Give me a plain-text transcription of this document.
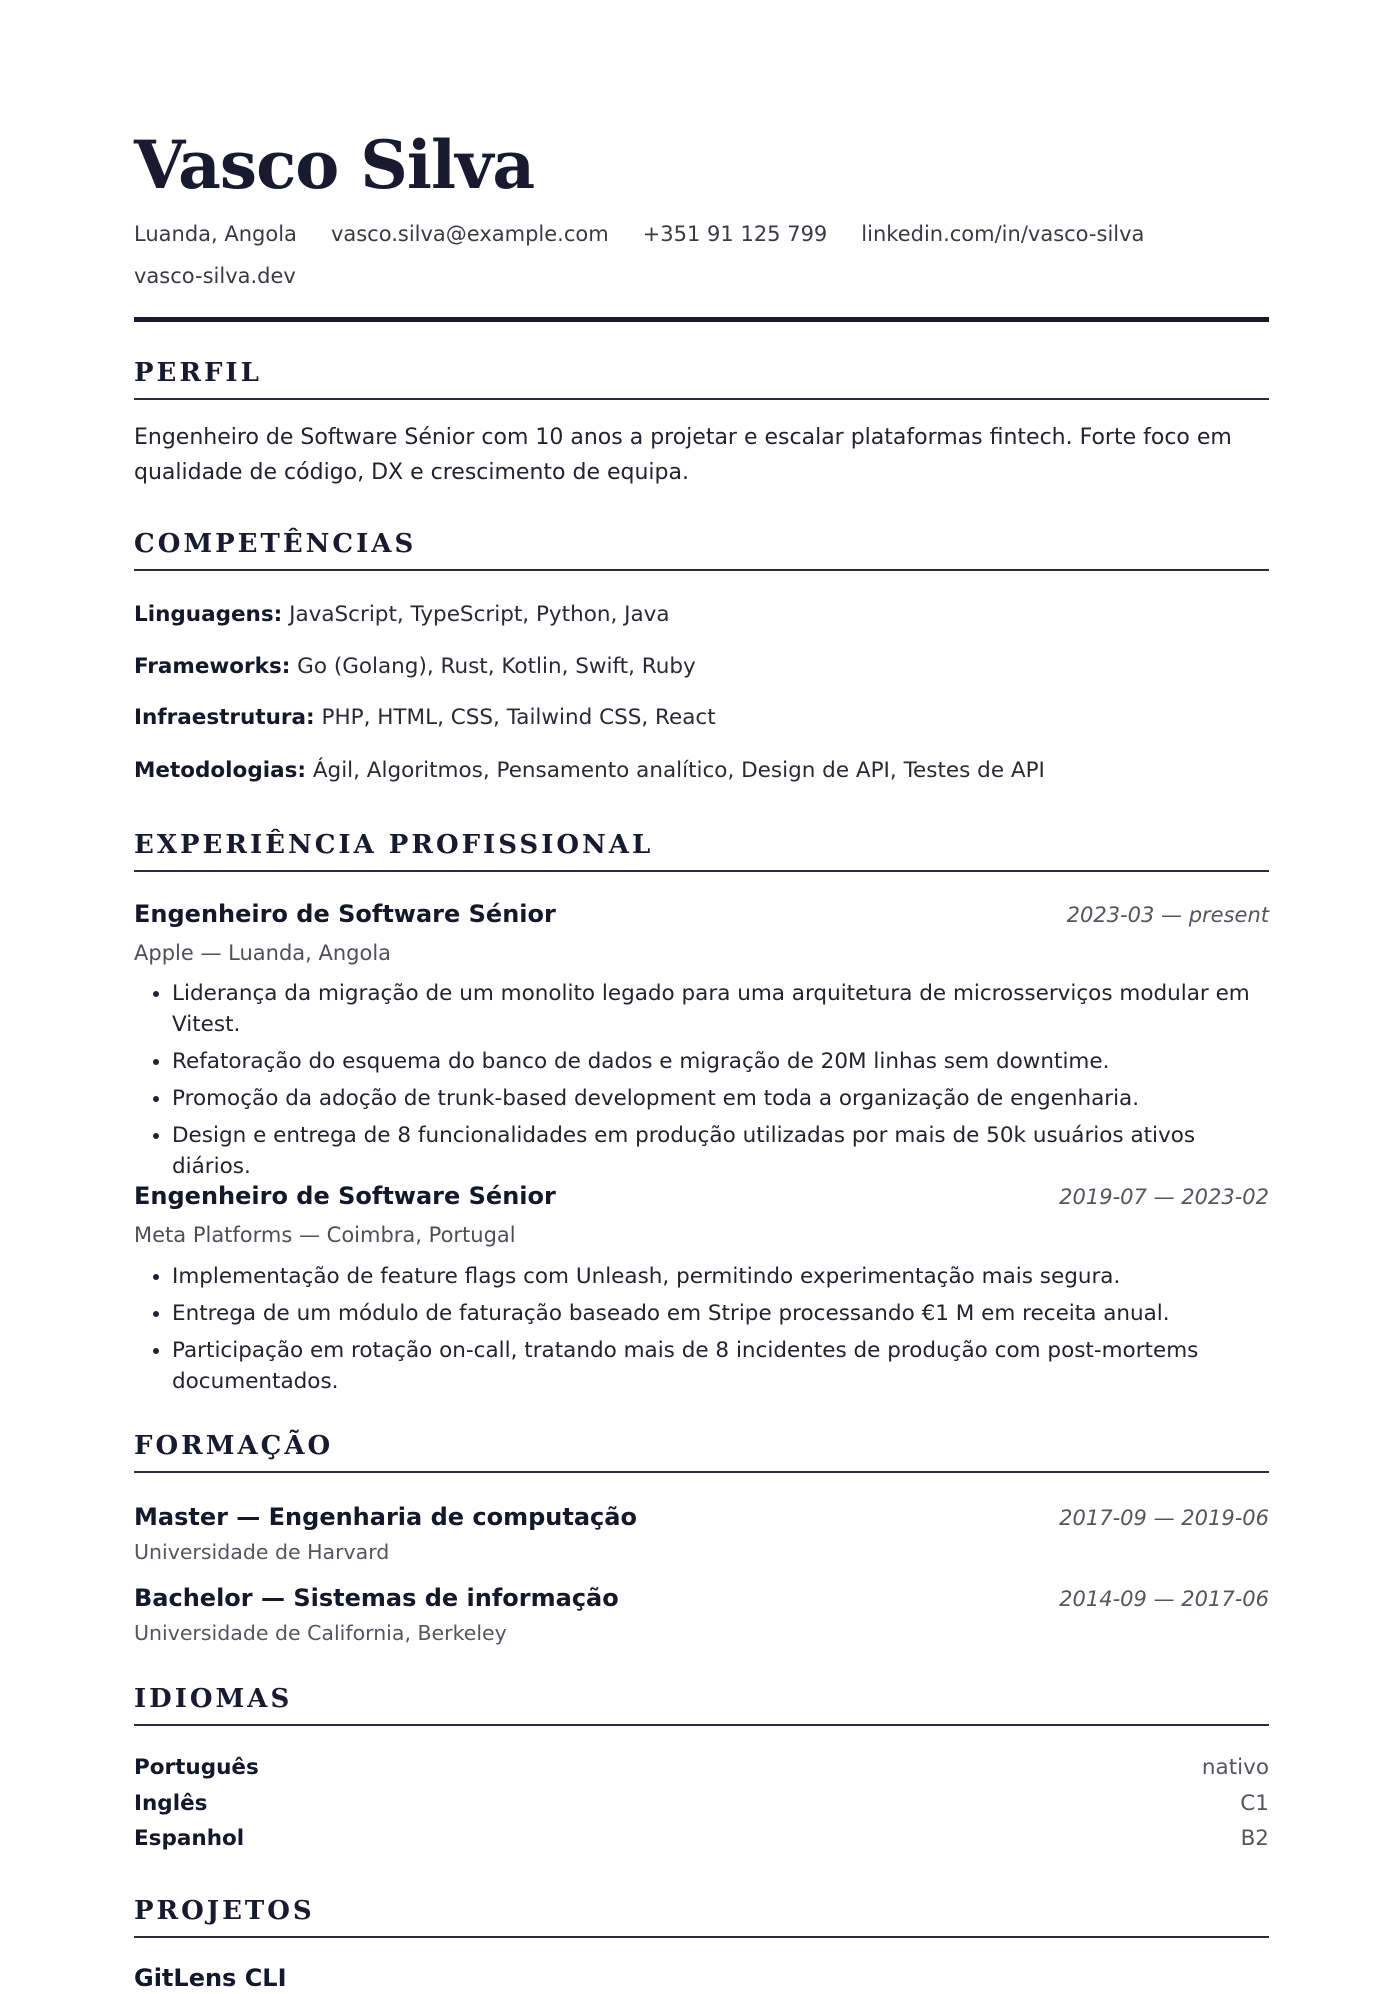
Vasco Silva
Luanda, Angola vasco.silva@example.com +351 91 125 799 linkedin.com/in/vasco-silva
vasco-silva.dev
PERFIL

Engenheiro de Software Sénior com 10 anos a projetar e escalar plataformas fintech. Forte foco em qualidade de código, DX e crescimento de equipa.

COMPETÊNCIAS
Linguagens: JavaScript, TypeScript, Python, Java
Frameworks: Go (Golang), Rust, Kotlin, Swift, Ruby
Infraestrutura: PHP, HTML, CSS, Tailwind CSS, React
Metodologias: Ágil, Algoritmos, Pensamento analítico, Design de API, Testes de API
EXPERIÊNCIA PROFISSIONAL
Engenheiro de Software Sénior	2023-03 — present
Apple — Luanda, Angola
• Liderança da migração de um monolito legado para uma arquitetura de microsserviços modular em Vitest.
• Refatoração do esquema do banco de dados e migração de 20M linhas sem downtime.
• Promoção da adoção de trunk-based development em toda a organização de engenharia.
• Design e entrega de 8 funcionalidades em produção utilizadas por mais de 50k usuários ativos diários.
Engenheiro de Software Sénior	2019-07 — 2023-02
Meta Platforms — Coimbra, Portugal
• Implementação de feature flags com Unleash, permitindo experimentação mais segura.
• Entrega de um módulo de faturação baseado em Stripe processando €1 M em receita anual.
• Participação em rotação on-call, tratando mais de 8 incidentes de produção com post-mortems documentados.
FORMAÇÃO
Master — Engenharia de computação	2017-09 — 2019-06
Universidade de Harvard
Bachelor — Sistemas de informação	2014-09 — 2017-06
Universidade de California, Berkeley
IDIOMAS
Português	nativo
Inglês	C1
Espanhol	B2
PROJETOS
GitLens CLI
